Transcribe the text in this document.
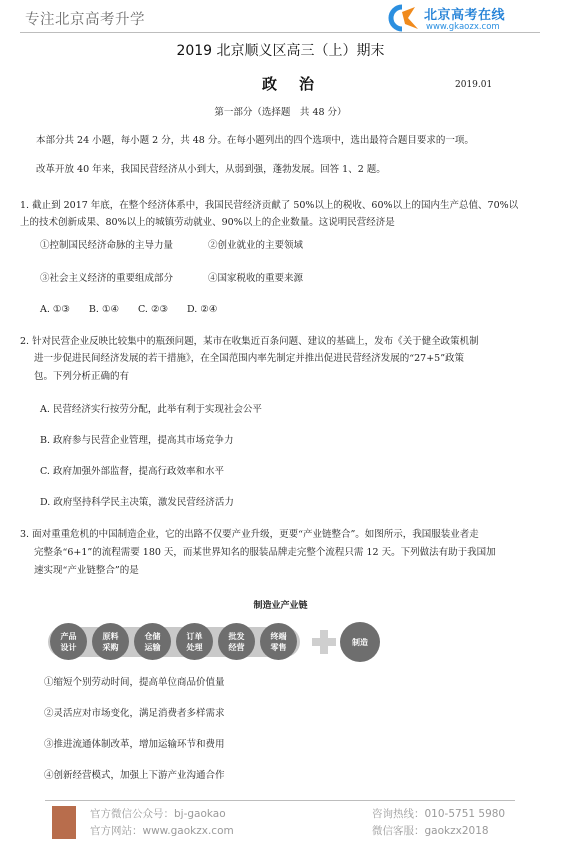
专注北京高考升学	北京高考在线
www.gkaozx.com
2019 北京顺义区高三（上）期末
政治	2019.01
第一部分（选择题　共 48 分）
本部分共 24 小题，每小题 2 分，共 48 分。在每小题列出的四个选项中，选出最符合题目要求的一项。
改革开放 40 年来，我国民营经济从小到大，从弱到强，蓬勃发展。回答 1、2 题。
1. 截止到 2017 年底，在整个经济体系中，我国民营经济贡献了 50%以上的税收、60%以上的国内生产总值、70%以
上的技术创新成果、80%以上的城镇劳动就业、90%以上的企业数量。这说明民营经济是
①控制国民经济命脉的主导力量	②创业就业的主要领域
③社会主义经济的重要组成部分	④国家税收的重要来源
A. ①③　　B. ①④　　C. ②③　　D. ②④
2. 针对民营企业反映比较集中的瓶颈问题，某市在收集近百条问题、建议的基础上，发布《关于健全政策机制
进一步促进民间经济发展的若干措施》，在全国范围内率先制定并推出促进民营经济发展的“27+5”政策
包。下列分析正确的有
A. 民营经济实行按劳分配，此举有利于实现社会公平
B. 政府参与民营企业管理，提高其市场竞争力
C. 政府加强外部监督，提高行政效率和水平
D. 政府坚持科学民主决策，激发民营经济活力
3. 面对重重危机的中国制造企业，它的出路不仅要产业升级，更要“产业链整合”。如图所示，我国服装业者走
完整条“6+1”的流程需要 180 天，而某世界知名的服装品牌走完整个流程只需 12 天。下列做法有助于我国加
速实现“产业链整合”的是
制造业产业链
产品
设计
原料
采购
仓储
运输
订单
处理
批发
经营
终端
零售
制造
①缩短个别劳动时间，提高单位商品价值量
②灵活应对市场变化，满足消费者多样需求
③推进流通体制改革，增加运输环节和费用
④创新经营模式，加强上下游产业沟通合作
官方微信公众号：bj-gaokao
官方网站：www.gaokzx.com
咨询热线：010-5751 5980
微信客服：gaokzx2018
